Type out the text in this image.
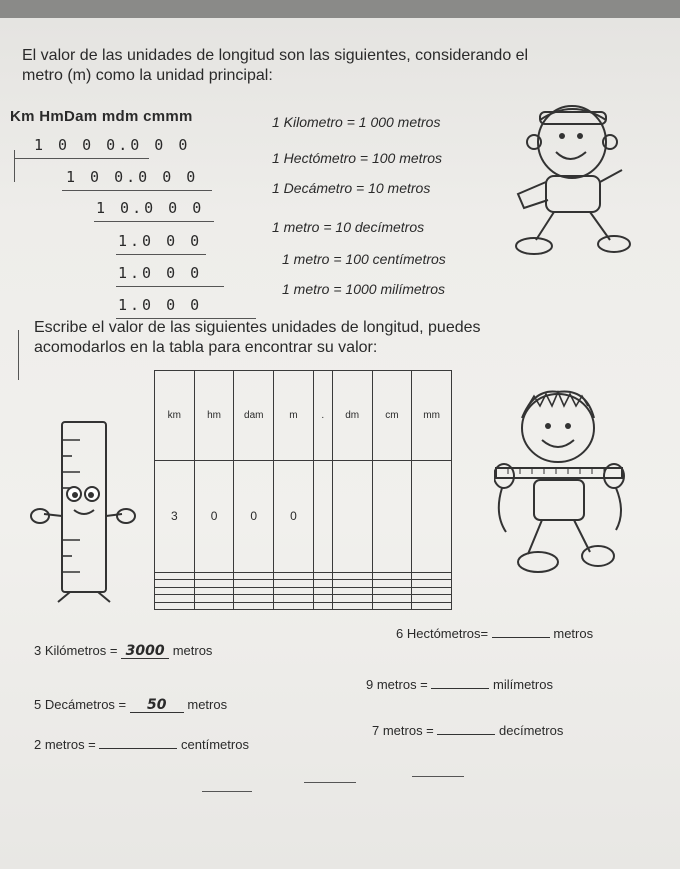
El valor de las unidades de longitud son las siguientes, considerando el
metro (m) como la unidad principal:
Km HmDam mdm cmmm
1 0 0 0.0 0 0
1 0 0.0 0 0
1 0.0 0 0
1.0 0 0
1.0 0 0
1.0 0 0
1 Kilometro = 1 000 metros
1 Hectómetro = 100 metros
1 Decámetro = 10 metros
1 metro = 10 decímetros
1 metro = 100 centímetros
1 metro = 1000 milímetros
Escribe el valor de las siguientes unidades de longitud, puedes
acomodarlos en la tabla para encontrar su valor:
km	hm	dam	m	.	dm	cm	mm
3	0	0	0				

3 Kilómetros = 3000 metros
6 Hectómetros=	metros
5 Decámetros = 50 metros
9 metros =	milímetros
2 metros =	centímetros
7 metros =	decímetros
